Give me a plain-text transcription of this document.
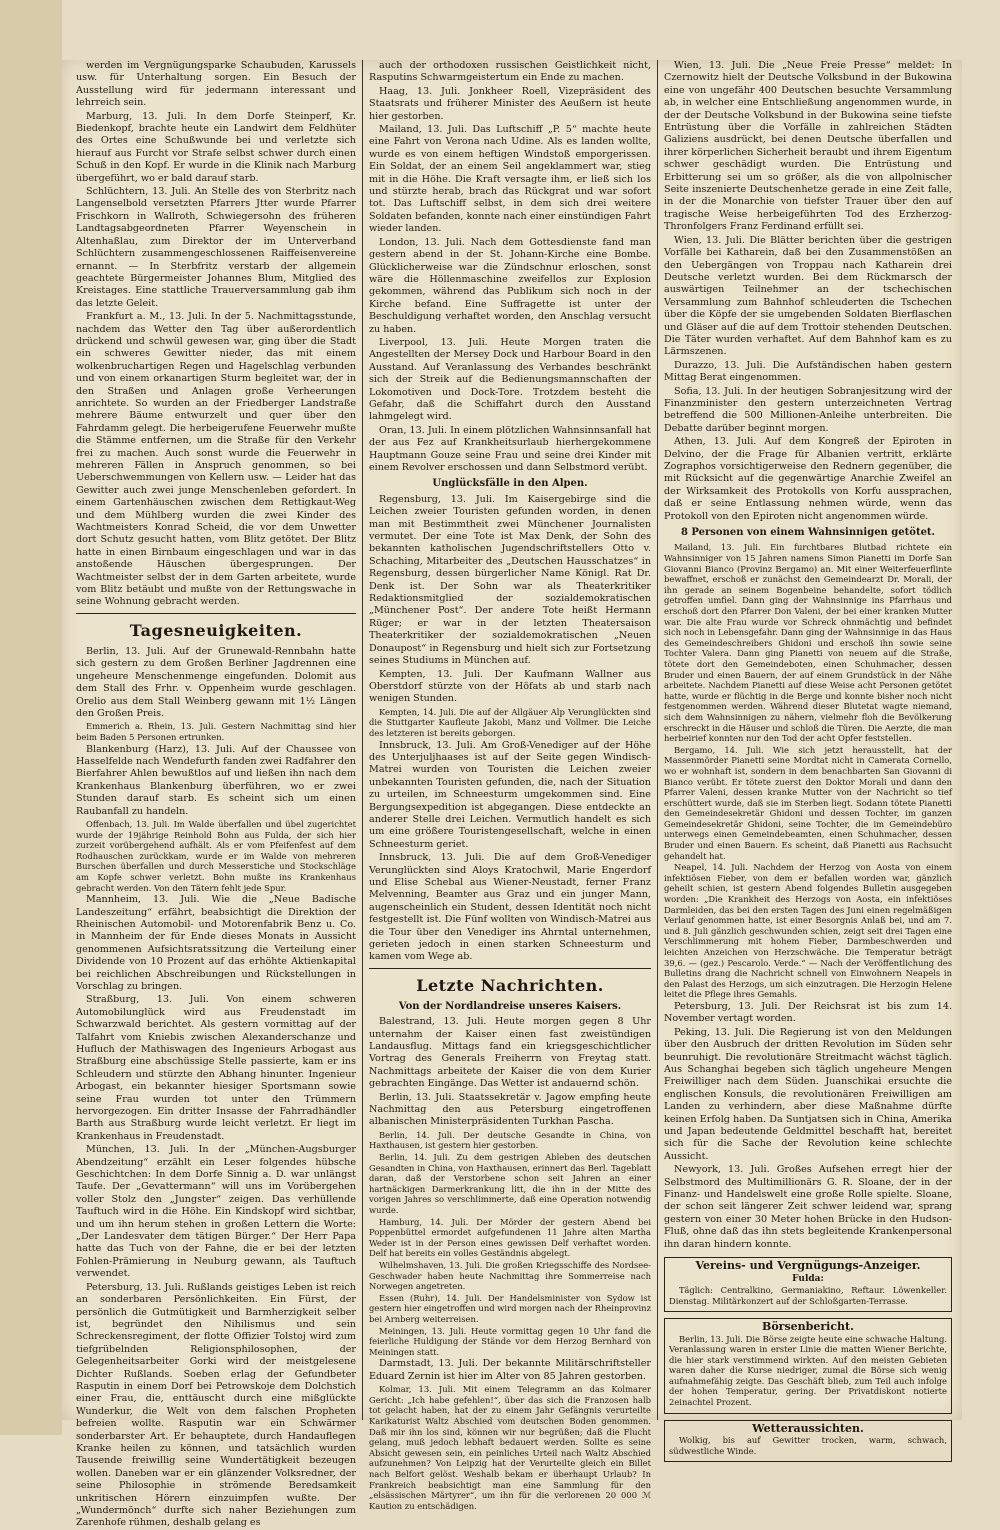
werden im Vergnügungsparke Schaubuden, Karussels usw. für Unterhaltung sorgen. Ein Besuch der Ausstellung wird für jedermann interessant und lehrreich sein.

Marburg, 13. Juli. In dem Dorfe Steinperf, Kr. Biedenkopf, brachte heute ein Landwirt dem Feldhüter des Ortes eine Schußwunde bei und verletzte sich hierauf aus Furcht vor Strafe selbst schwer durch einen Schuß in den Kopf. Er wurde in die Klinik nach Marburg übergeführt, wo er bald darauf starb.

Schlüchtern, 13. Juli. An Stelle des von Sterbritz nach Langenselbold versetzten Pfarrers Jtter wurde Pfarrer Frischkorn in Wallroth, Schwiegersohn des früheren Landtagsabgeordneten Pfarrer Weyenschein in Altenhaßlau, zum Direktor der im Unterverband Schlüchtern zusammengeschlossenen Raiffeisenvereine ernannt. — In Sterbfritz verstarb der allgemein geachtete Bürgermeister Johannes Blum, Mitglied des Kreistages. Eine stattliche Trauerversammlung gab ihm das letzte Geleit.

Frankfurt a. M., 13. Juli. In der 5. Nachmittagsstunde, nachdem das Wetter den Tag über außerordentlich drückend und schwül gewesen war, ging über die Stadt ein schweres Gewitter nieder, das mit einem wolkenbruchartigen Regen und Hagelschlag verbunden und von einem orkanartigen Sturm begleitet war, der in den Straßen und Anlagen große Verheerungen anrichtete. So wurden an der Friedberger Landstraße mehrere Bäume entwurzelt und quer über den Fahrdamm gelegt. Die herbeigerufene Feuerwehr mußte die Stämme entfernen, um die Straße für den Verkehr frei zu machen. Auch sonst wurde die Feuerwehr in mehreren Fällen in Anspruch genommen, so bei Ueberschwemmungen von Kellern usw. — Leider hat das Gewitter auch zwei junge Menschenleben gefordert. In einem Gartenhäuschen zwischen dem Rettigkaut-Weg und dem Mühlberg wurden die zwei Kinder des Wachtmeisters Konrad Scheid, die vor dem Unwetter dort Schutz gesucht hatten, vom Blitz getötet. Der Blitz hatte in einen Birnbaum eingeschlagen und war in das anstoßende Häuschen übergesprungen. Der Wachtmeister selbst der in dem Garten arbeitete, wurde vom Blitz betäubt und mußte von der Rettungswache in seine Wohnung gebracht werden.

Tagesneuigkeiten.

Berlin, 13. Juli. Auf der Grunewald-Rennbahn hatte sich gestern zu dem Großen Berliner Jagdrennen eine ungeheure Menschenmenge eingefunden. Dolomit aus dem Stall des Frhr. v. Oppenheim wurde geschlagen. Orelio aus dem Stall Weinberg gewann mit 1½ Längen den Großen Preis.

Emmerich a. Rhein, 13. Juli. Gestern Nachmittag sind hier beim Baden 5 Personen ertrunken.

Blankenburg (Harz), 13. Juli. Auf der Chaussee von Hasselfelde nach Wendefurth fanden zwei Radfahrer den Bierfahrer Ahlen bewußtlos auf und ließen ihn nach dem Krankenhaus Blankenburg überführen, wo er zwei Stunden darauf starb. Es scheint sich um einen Raubanfall zu handeln.

Offenbach, 13. Juli. Im Walde überfallen und übel zugerichtet wurde der 19jährige Reinhold Bohn aus Fulda, der sich hier zurzeit vorübergehend aufhält. Als er vom Pfeifenfest auf dem Rodhauschen zurückkam, wurde er im Walde von mehreren Burschen überfallen und durch Messerstiche und Stockschläge am Kopfe schwer verletzt. Bohn mußte ins Krankenhaus gebracht werden. Von den Tätern fehlt jede Spur.

Mannheim, 13. Juli. Wie die „Neue Badische Landeszeitung“ erfährt, beabsichtigt die Direktion der Rheinischen Automobil- und Motorenfabrik Benz u. Co. in Mannheim der für Ende dieses Monats in Aussicht genommenen Aufsichtsratssitzung die Verteilung einer Dividende von 10 Prozent auf das erhöhte Aktienkapital bei reichlichen Abschreibungen und Rückstellungen in Vorschlag zu bringen.

Straßburg, 13. Juli. Von einem schweren Automobilunglück wird aus Freudenstadt im Schwarzwald berichtet. Als gestern vormittag auf der Talfahrt vom Kniebis zwischen Alexanderschanze und Hufluch der Mathiswagen des Ingenieurs Arbogast aus Straßburg eine abschüssige Stelle passierte, kam er ins Schleudern und stürzte den Abhang hinunter. Ingenieur Arbogast, ein bekannter hiesiger Sportsmann sowie seine Frau wurden tot unter den Trümmern hervorgezogen. Ein dritter Insasse der Fahrradhändler Barth aus Straßburg wurde leicht verletzt. Er liegt im Krankenhaus in Freudenstadt.

München, 13. Juli. In der „München-Augsburger Abendzeitung“ erzählt ein Leser folgendes hübsche Geschichtchen: In dem Dorfe Sinnig a. D. war unlängst Taufe. Der „Gevattermann“ will uns im Vorübergehen voller Stolz den „Jungster“ zeigen. Das verhüllende Tauftuch wird in die Höhe. Ein Kindskopf wird sichtbar, und um ihn herum stehen in großen Lettern die Worte: „Der Landesvater dem tätigen Bürger.“ Der Herr Papa hatte das Tuch von der Fahne, die er bei der letzten Fohlen-Prämierung in Neuburg gewann, als Tauftuch verwendet.

Petersburg, 13. Juli. Rußlands geistiges Leben ist reich an sonderbaren Persönlichkeiten. Ein Fürst, der persönlich die Gutmütigkeit und Barmherzigkeit selber ist, begründet den Nihilismus und sein Schreckensregiment, der flotte Offizier Tolstoj wird zum tiefgrübelnden Religionsphilosophen, der Gelegenheitsarbeiter Gorki wird der meistgelesene Dichter Rußlands. Soeben erlag der Gefundbeter Rasputin in einem Dorf bei Petrowskoje dem Dolchstich einer Frau, die, enttäuscht durch eine mißglückte Wunderkur, die Welt von dem falschen Propheten befreien wollte. Rasputin war ein Schwärmer sonderbarster Art. Er behauptete, durch Handauflegen Kranke heilen zu können, und tatsächlich wurden Tausende freiwillig seine Wundertätigkeit bezeugen wollen. Daneben war er ein glänzender Volksredner, der seine Philosophie in strömende Beredsamkeit unkritischen Hörern einzuimpfen wußte. Der „Wundermönch“ durfte sich naher Beziehungen zum Zarenhofe rühmen, deshalb gelang es

auch der orthodoxen russischen Geistlichkeit nicht, Rasputins Schwarmgeistertum ein Ende zu machen.

Haag, 13. Juli. Jonkheer Roell, Vizepräsident des Staatsrats und früherer Minister des Aeußern ist heute hier gestorben.

Mailand, 13. Juli. Das Luftschiff „P. 5“ machte heute eine Fahrt von Verona nach Udine. Als es landen wollte, wurde es von einem heftigen Windstoß emporgerissen. Ein Soldat, der an einem Seil angeklammert war, stieg mit in die Höhe. Die Kraft versagte ihm, er ließ sich los und stürzte herab, brach das Rückgrat und war sofort tot. Das Luftschiff selbst, in dem sich drei weitere Soldaten befanden, konnte nach einer einstündigen Fahrt wieder landen.

London, 13. Juli. Nach dem Gottesdienste fand man gestern abend in der St. Johann-Kirche eine Bombe. Glücklicherweise war die Zündschnur erloschen, sonst wäre die Höllenmaschine zweifellos zur Explosion gekommen, während das Publikum sich noch in der Kirche befand. Eine Suffragette ist unter der Beschuldigung verhaftet worden, den Anschlag versucht zu haben.

Liverpool, 13. Juli. Heute Morgen traten die Angestellten der Mersey Dock und Harbour Board in den Ausstand. Auf Veranlassung des Verbandes beschränkt sich der Streik auf die Bedienungsmannschaften der Lokomotiven und Dock-Tore. Trotzdem besteht die Gefahr, daß die Schiffahrt durch den Ausstand lahmgelegt wird.

Oran, 13. Juli. In einem plötzlichen Wahnsinnsanfall hat der aus Fez auf Krankheitsurlaub hierhergekommene Hauptmann Gouze seine Frau und seine drei Kinder mit einem Revolver erschossen und dann Selbstmord verübt.

Unglücksfälle in den Alpen.

Regensburg, 13. Juli. Im Kaisergebirge sind die Leichen zweier Touristen gefunden worden, in denen man mit Bestimmtheit zwei Münchener Journalisten vermutet. Der eine Tote ist Max Denk, der Sohn des bekannten katholischen Jugendschriftstellers Otto v. Schaching, Mitarbeiter des „Deutschen Hausschatzes“ in Regensburg, dessen bürgerlicher Name Königl. Rat Dr. Denk ist. Der Sohn war als Theaterkritiker Redaktionsmitglied der sozialdemokratischen „Münchener Post“. Der andere Tote heißt Hermann Rüger; er war in der letzten Theatersaison Theaterkritiker der sozialdemokratischen „Neuen Donaupost“ in Regensburg und hielt sich zur Fortsetzung seines Studiums in München auf.

Kempten, 13. Juli. Der Kaufmann Wallner aus Oberstdorf stürzte von der Höfats ab und starb nach wenigen Stunden.

Kempten, 14. Juli. Die auf der Allgäuer Alp Verunglückten sind die Stuttgarter Kaufleute Jakobi, Manz und Vollmer. Die Leiche des letzteren ist bereits geborgen.

Innsbruck, 13. Juli. Am Groß-Venediger auf der Höhe des Unterjuljhaases ist auf der Seite gegen Windisch-Matrei wurden von Touristen die Leichen zweier unbekannten Touristen gefunden, die, nach der Situation zu urteilen, im Schneesturm umgekommen sind. Eine Bergungsexpedition ist abgegangen. Diese entdeckte an anderer Stelle drei Leichen. Vermutlich handelt es sich um eine größere Touristengesellschaft, welche in einen Schneesturm geriet.

Innsbruck, 13. Juli. Die auf dem Groß-Venediger Verunglückten sind Aloys Kratochwil, Marie Engerdorf und Elise Schebal aus Wiener-Neustadt, ferner Franz Melvenning, Beamter aus Graz und ein junger Mann, augenscheinlich ein Student, dessen Identität noch nicht festgestellt ist. Die Fünf wollten von Windisch-Matrei aus die Tour über den Venediger ins Ahrntal unternehmen, gerieten jedoch in einen starken Schneesturm und kamen vom Wege ab.

Letzte Nachrichten.
Von der Nordlandreise unseres Kaisers.

Balestrand, 13. Juli. Heute morgen gegen 8 Uhr unternahm der Kaiser einen fast zweistündigen Landausflug. Mittags fand ein kriegsgeschichtlicher Vortrag des Generals Freiherrn von Freytag statt. Nachmittags arbeitete der Kaiser die von dem Kurier gebrachten Eingänge. Das Wetter ist andauernd schön.

Berlin, 13. Juli. Staatssekretär v. Jagow empfing heute Nachmittag den aus Petersburg eingetroffenen albanischen Ministerpräsidenten Turkhan Pascha.

Berlin, 14. Juli. Der deutsche Gesandte in China, von Haxthausen, ist gestern hier gestorben.

Berlin, 14. Juli. Zu dem gestrigen Ableben des deutschen Gesandten in China, von Haxthausen, erinnert das Berl. Tageblatt daran, daß der Verstorbene schon seit Jahren an einer hartnäckigen Darmerkrankung litt, die ihn in der Mitte des vorigen Jahres so verschlimmerte, daß eine Operation notwendig wurde.

Hamburg, 14. Juli. Der Mörder der gestern Abend bei Poppenbüttel ermordet aufgefundenen 11 Jahre alten Martha Weder ist in der Person eines gewissen Delf verhaftet worden. Delf hat bereits ein volles Geständnis abgelegt.

Wilhelmshaven, 13. Juli. Die großen Kriegsschiffe des Nordsee-Geschwader haben heute Nachmittag ihre Sommerreise nach Norwegen angetreten.

Essen (Ruhr), 14. Juli. Der Handelsminister von Sydow ist gestern hier eingetroffen und wird morgen nach der Rheinprovinz bei Arnberg weiterreisen.

Meiningen, 13. Juli. Heute vormittag gegen 10 Uhr fand die feierliche Huldigung der Stände vor dem Herzog Bernhard von Meiningen statt.

Darmstadt, 13. Juli. Der bekannte Militärschriftsteller Eduard Zernin ist hier im Alter von 85 Jahren gestorben.

Kolmar, 13. Juli. Mit einem Telegramm an das Kolmarer Gericht: „Ich habe gefehlen!“, über das sich die Franzosen halb tot gelacht haben, hat der zu einem Jahr Gefängnis verurteilte Karikaturist Waltz Abschied vom deutschen Boden genommen. Daß mir ihn los sind, können wir nur begrüßen; daß die Flucht gelang, muß jedoch lebhaft bedauert werden. Sollte es seine Absicht gewesen sein, ein peinliches Urteil nach Waltz Abschied aufzunehmen? Von Leipzig hat der Verurteilte gleich ein Billet nach Belfort gelöst. Weshalb bekam er überhaupt Urlaub? In Frankreich beabsichtigt man eine Sammlung für den „elsässischen Märtyrer“, um ihn für die verlorenen 20 000 ℳ Kaution zu entschädigen.

Wien, 13. Juli. Die „Neue Freie Presse“ meldet: In Czernowitz hielt der Deutsche Volksbund in der Bukowina eine von ungefähr 400 Deutschen besuchte Versammlung ab, in welcher eine Entschließung angenommen wurde, in der der Deutsche Volksbund in der Bukowina seine tiefste Entrüstung über die Vorfälle in zahlreichen Städten Galiziens ausdrückt, bei denen Deutsche überfallen und ihrer körperlichen Sicherheit beraubt und ihrem Eigentum schwer geschädigt wurden. Die Entrüstung und Erbitterung sei um so größer, als die von allpolnischer Seite inszenierte Deutschenhetze gerade in eine Zeit falle, in der die Monarchie von tiefster Trauer über den auf tragische Weise herbeigeführten Tod des Erzherzog-Thronfolgers Franz Ferdinand erfüllt sei.

Wien, 13. Juli. Die Blätter berichten über die gestrigen Vorfälle bei Katharein, daß bei den Zusammenstößen an den Uebergängen von Troppau nach Katharein drei Deutsche verletzt wurden. Bei dem Rückmarsch der auswärtigen Teilnehmer an der tschechischen Versammlung zum Bahnhof schleuderten die Tschechen über die Köpfe der sie umgebenden Soldaten Bierflaschen und Gläser auf die auf dem Trottoir stehenden Deutschen. Die Täter wurden verhaftet. Auf dem Bahnhof kam es zu Lärmszenen.

Durazzo, 13. Juli. Die Aufständischen haben gestern Mittag Berat eingenommen.

Sofia, 13. Juli. In der heutigen Sobranjesitzung wird der Finanzminister den gestern unterzeichneten Vertrag betreffend die 500 Millionen-Anleihe unterbreiten. Die Debatte darüber beginnt morgen.

Athen, 13. Juli. Auf dem Kongreß der Epiroten in Delvino, der die Frage für Albanien vertritt, erklärte Zographos vorsichtigerweise den Rednern gegenüber, die mit Rücksicht auf die gegenwärtige Anarchie Zweifel an der Wirksamkeit des Protokolls von Korfu aussprachen, daß er seine Entlassung nehmen würde, wenn das Protokoll von den Epiroten nicht angenommen würde.

8 Personen von einem Wahnsinnigen getötet.

Mailand, 13. Juli. Ein furchtbares Blutbad richtete ein Wahnsinniger von 15 Jahren namens Simon Pianetti im Dorfe San Giovanni Bianco (Provinz Bergamo) an. Mit einer Weiterfeuerflinte bewaffnet, erschoß er zunächst den Gemeindearzt Dr. Morali, der ihn gerade an seinem Bogenbeine behandelte, sofort tödlich getroffen umfiel. Dann ging der Wahnsinnige ins Pfarrhaus und erschoß dort den Pfarrer Don Valeni, der bei einer kranken Mutter war. Die alte Frau wurde vor Schreck ohnmächtig und befindet sich noch in Lebensgefahr. Dann ging der Wahnsinnige in das Haus des Gemeindeschreibers Ghidoni und erschoß ihn sowie seine Tochter Valera. Dann ging Pianetti von neuem auf die Straße, tötete dort den Gemeindeboten, einen Schuhmacher, dessen Bruder und einen Bauern, der auf einem Grundstück in der Nähe arbeitete. Nachdem Pianetti auf diese Weise acht Personen getötet hatte, wurde er flüchtig in die Berge und konnte bisher noch nicht festgenommen werden. Während dieser Blutetat wagte niemand, sich dem Wahnsinnigen zu nähern, vielmehr floh die Bevölkerung erschreckt in die Häuser und schloß die Türen. Die Aerzte, die man herbeirief konnten nur den Tod der acht Opfer feststellen.

Bergamo, 14. Juli. Wie sich jetzt herausstellt, hat der Massenmörder Pianetti seine Mordtat nicht in Camerata Cornello, wo er wohnhaft ist, sondern in dem benachbarten San Giovanni di Bianco verübt. Er tötete zuerst den Doktor Morali und dann den Pfarrer Valeni, dessen kranke Mutter von der Nachricht so tief erschüttert wurde, daß sie im Sterben liegt. Sodann tötete Pianetti den Gemeindesekretär Ghidoni und dessen Tochter, im ganzen Gemeindesekretär Ghidoni, seine Tochter, die im Gemeindebüro unterwegs einen Gemeindebeamten, einen Schuhmacher, dessen Bruder und einen Bauern. Es scheint, daß Pianetti aus Rachsucht gehandelt hat.

Neapel, 14. Juli. Nachdem der Herzog von Aosta von einem infektiösen Fieber, von dem er befallen worden war, gänzlich geheilt schien, ist gestern Abend folgendes Bulletin ausgegeben worden: „Die Krankheit des Herzogs von Aosta, ein infektiöses Darmleiden, das bei den ersten Tagen des Juni einen regelmäßigen Verlauf genommen hatte, ist einer Besorgnis Anlaß bei, und am 7. und 8. Juli gänzlich geschwunden schien, zeigt seit drei Tagen eine Verschlimmerung mit hohem Fieber, Darmbeschwerden und leichten Anzeichen von Herzschwäche. Die Temperatur beträgt 39,6. — (gez.) Pescarolo. Verde.“ — Nach der Veröffentlichung des Bulletins drang die Nachricht schnell von Einwohnern Neapels in den Palast des Herzogs, um sich einzutragen. Die Herzogin Helene leitet die Pflege ihres Gemahls.

Petersburg, 13. Juli. Der Reichsrat ist bis zum 14. November vertagt worden.

Peking, 13. Juli. Die Regierung ist von den Meldungen über den Ausbruch der dritten Revolution im Süden sehr beunruhigt. Die revolutionäre Streitmacht wächst täglich. Aus Schanghai begeben sich täglich ungeheure Mengen Freiwilliger nach dem Süden. Juanschikai ersuchte die englischen Konsuls, die revolutionären Freiwilligen am Landen zu verhindern, aber diese Maßnahme dürfte keinen Erfolg haben. Da Suntjatsen sich in China, Amerika und Japan bedeutende Geldmittel beschafft hat, bereitet sich für die Sache der Revolution keine schlechte Aussicht.

Newyork, 13. Juli. Großes Aufsehen erregt hier der Selbstmord des Multimillionärs G. R. Sloane, der in der Finanz- und Handelswelt eine große Rolle spielte. Sloane, der schon seit längerer Zeit schwer leidend war, sprang gestern von einer 30 Meter hohen Brücke in den Hudson-Fluß, ohne daß das ihn stets begleitende Krankenpersonal ihn daran hindern konnte.

Vereins- und Vergnügungs-Anzeiger.
Fulda:

Täglich: Centralkino, Germaniakino, Reftaur. Löwenkeller. Dienstag. Militärkonzert auf der Schloßgarten-Terrasse.

Börsenbericht.

Berlin, 13. Juli. Die Börse zeigte heute eine schwache Haltung. Veranlassung waren in erster Linie die matten Wiener Berichte, die hier stark verstimmend wirkten. Auf den meisten Gebieten waren daher die Kurse niedriger, zumal die Börse sich wenig aufnahmefähig zeigte. Das Geschäft blieb, zum Teil auch infolge der hohen Temperatur, gering. Der Privatdiskont notierte 2einachtel Prozent.

Wetteraussichten.

Wolkig, bis auf Gewitter trocken, warm, schwach, südwestliche Winde.
